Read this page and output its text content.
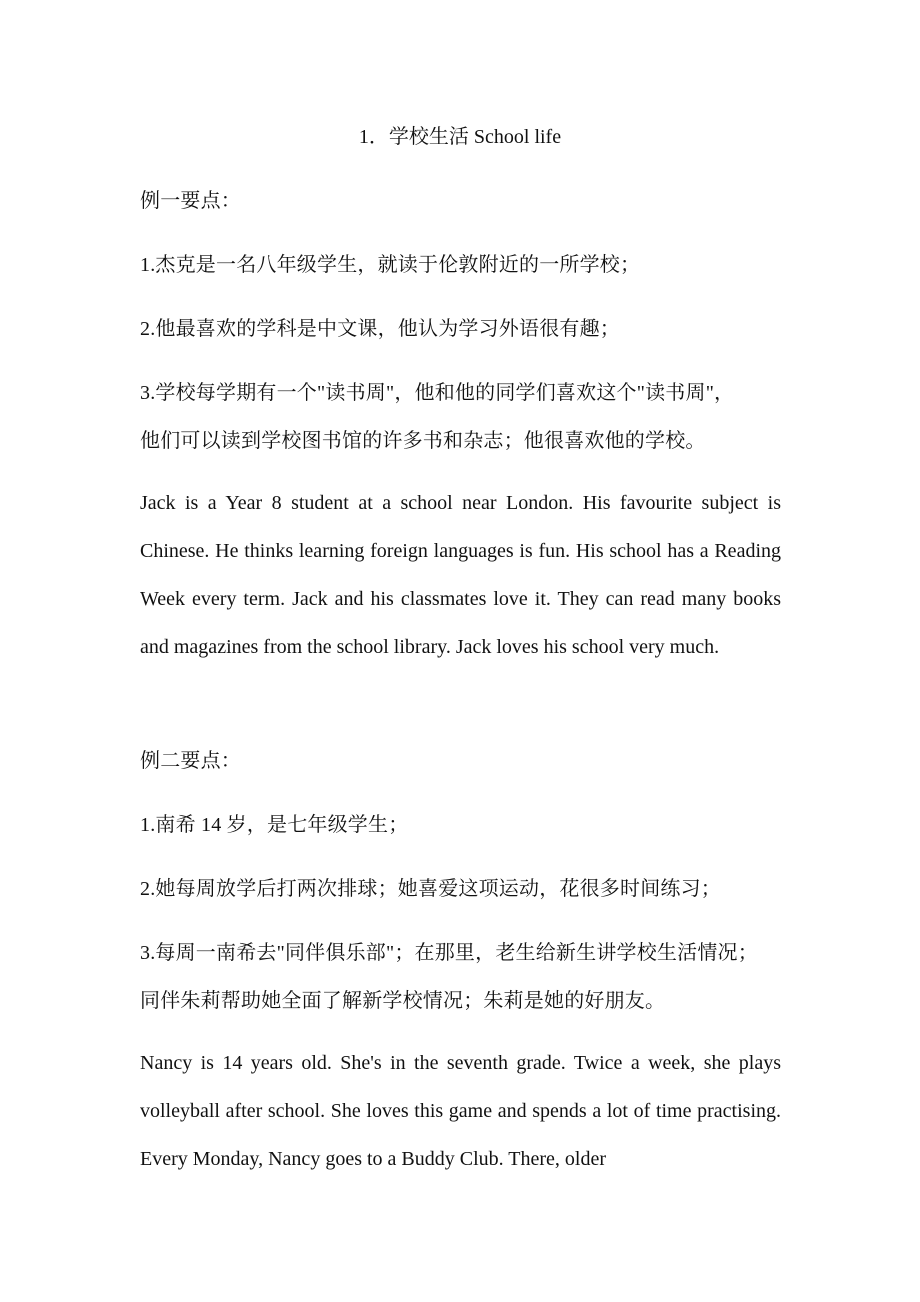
1．学校生活 School life
例一要点：
1.杰克是一名八年级学生，就读于伦敦附近的一所学校；
2.他最喜欢的学科是中文课，他认为学习外语很有趣；
3.学校每学期有一个"读书周"，他和他的同学们喜欢这个"读书周"，
他们可以读到学校图书馆的许多书和杂志；他很喜欢他的学校。
Jack is a Year 8 student at a school near London. His favourite subject is Chinese. He thinks learning foreign languages is fun. His school has a Reading Week every term. Jack and his classmates love it. They can read many books and magazines from the school library. Jack loves his school very much.
例二要点：
1.南希 14 岁，是七年级学生；
2.她每周放学后打两次排球；她喜爱这项运动，花很多时间练习；
3.每周一南希去"同伴俱乐部"；在那里，老生给新生讲学校生活情况；
同伴朱莉帮助她全面了解新学校情况；朱莉是她的好朋友。
Nancy is 14 years old. She's in the seventh grade. Twice a week, she plays volleyball after school. She loves this game and spends a lot of time practising. Every Monday, Nancy goes to a Buddy Club. There, older
